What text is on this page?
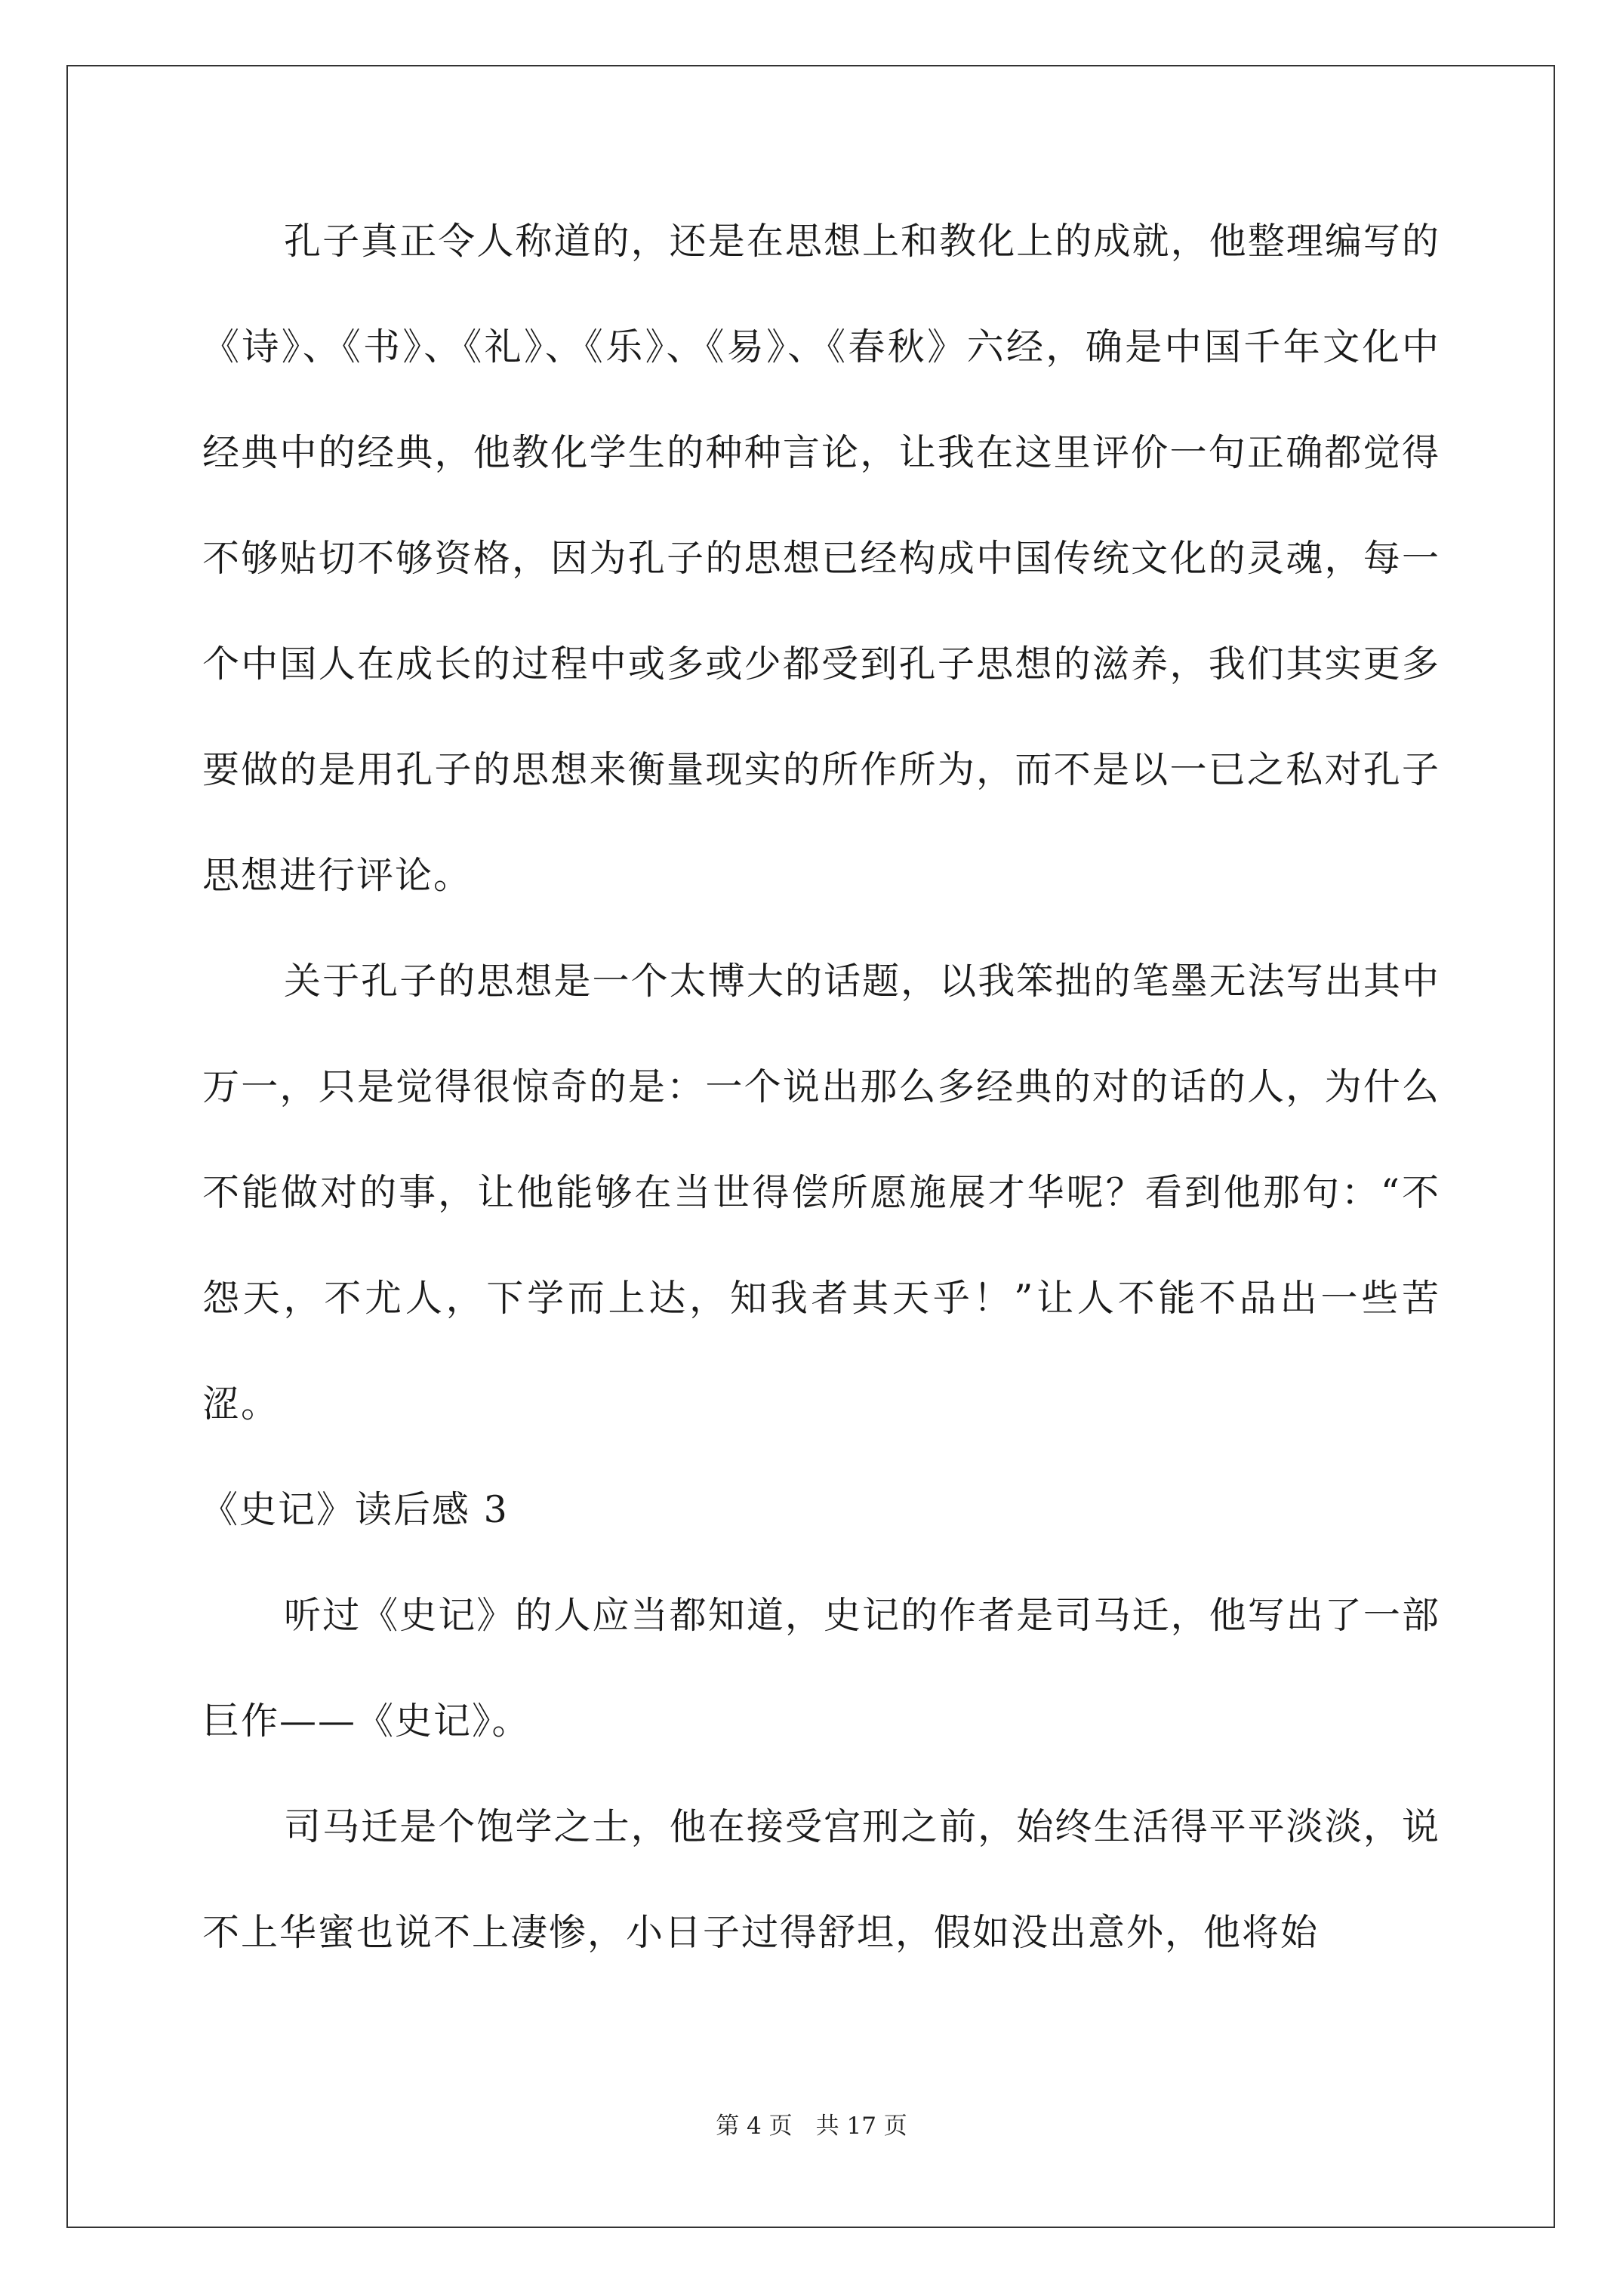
孔子真正令人称道的，还是在思想上和教化上的成就，他整理编写的《诗》、《书》、《礼》、《乐》、《易》、《春秋》六经，确是中国千年文化中经典中的经典，他教化学生的种种言论，让我在这里评价一句正确都觉得不够贴切不够资格，因为孔子的思想已经构成中国传统文化的灵魂，每一个中国人在成长的过程中或多或少都受到孔子思想的滋养，我们其实更多要做的是用孔子的思想来衡量现实的所作所为，而不是以一已之私对孔子思想进行评论。

关于孔子的思想是一个太博大的话题，以我笨拙的笔墨无法写出其中万一，只是觉得很惊奇的是：一个说出那么多经典的对的话的人，为什么不能做对的事，让他能够在当世得偿所愿施展才华呢？看到他那句：“不怨天，不尤人，下学而上达，知我者其天乎！”让人不能不品出一些苦涩。

《史记》读后感 3

听过《史记》的人应当都知道，史记的作者是司马迁，他写出了一部巨作——《史记》。

司马迁是个饱学之士，他在接受宫刑之前，始终生活得平平淡淡，说不上华蜜也说不上凄惨，小日子过得舒坦，假如没出意外，他将始

第 4 页　共 17 页
